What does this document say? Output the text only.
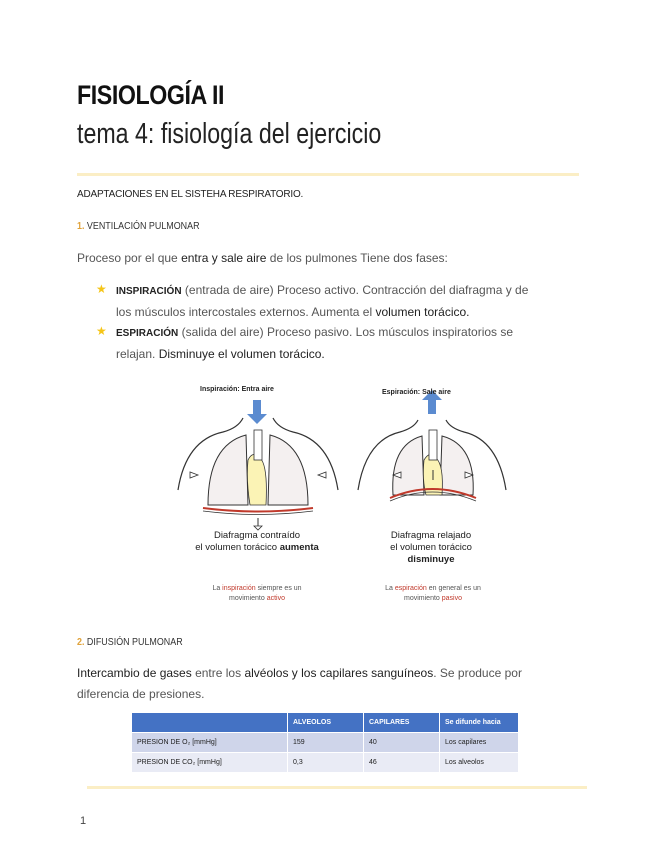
FISIOLOGÍA II
tema 4: fisiología del ejercicio
ADAPTACIONES EN EL SISTEHA RESPIRATORIO.
1. VENTILACIÓN PULMONAR
Proceso por el que entra y sale aire de los pulmones Tiene dos fases:
★ INSPIRACIÓN (entrada de aire) Proceso activo. Contracción del diafragma y de los músculos intercostales externos. Aumenta el volumen torácico.
★ ESPIRACIÓN (salida del aire) Proceso pasivo. Los músculos inspiratorios se relajan. Disminuye el volumen torácico.
Inspiración: Entra aire	Espiración: Sale aire
Diafragma contraído
el volumen torácico aumenta
Diafragma relajado
el volumen torácico
disminuye
La inspiración siempre es un
movimiento activo
La espiración en general es un
movimiento pasivo
2. DIFUSIÓN PULMONAR
Intercambio de gases entre los alvéolos y los capilares sanguíneos. Se produce por diferencia de presiones.
	ALVEOLOS	CAPILARES	Se difunde hacia
PRESION DE O₂ [mmHg]	159	40	Los capilares
PRESION DE CO₂ [mmHg]	0,3	46	Los alveolos
1
